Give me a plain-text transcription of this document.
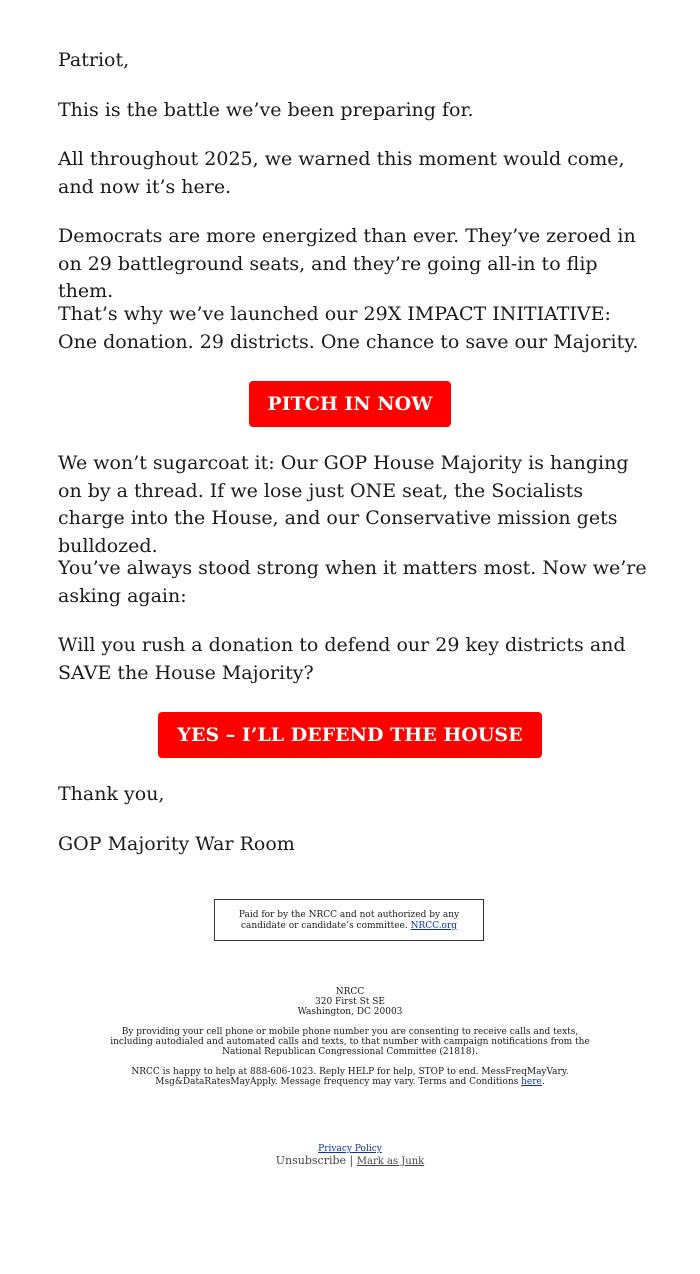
Patriot,

This is the battle we’ve been preparing for.

All throughout 2025, we warned this moment would come, and now it’s here.

Democrats are more energized than ever. They’ve zeroed in on 29 battleground seats, and they’re going all-in to flip them.

That’s why we’ve launched our 29X IMPACT INITIATIVE: One donation. 29 districts. One chance to save our Majority.

We won’t sugarcoat it: Our GOP House Majority is hanging on by a thread. If we lose just ONE seat, the Socialists charge into the House, and our Conservative mission gets bulldozed.

You’ve always stood strong when it matters most. Now we’re asking again:

Will you rush a donation to defend our 29 key districts and SAVE the House Majority?

Thank you,

GOP Majority War Room

PITCH IN NOW
YES – I’LL DEFEND THE HOUSE
Paid for by the NRCC and not authorized by any candidate or candidate’s committee. NRCC.org
NRCC
320 First St SE
Washington, DC 20003
By providing your cell phone or mobile phone number you are consenting to receive calls and texts, including autodialed and automated calls and texts, to that number with campaign notifications from the National Republican Congressional Committee (21818).
NRCC is happy to help at 888-606-1023. Reply HELP for help, STOP to end. MessFreqMayVary. Msg&DataRatesMayApply. Message frequency may vary. Terms and Conditions here.
Privacy Policy
Unsubscribe | Mark as Junk
